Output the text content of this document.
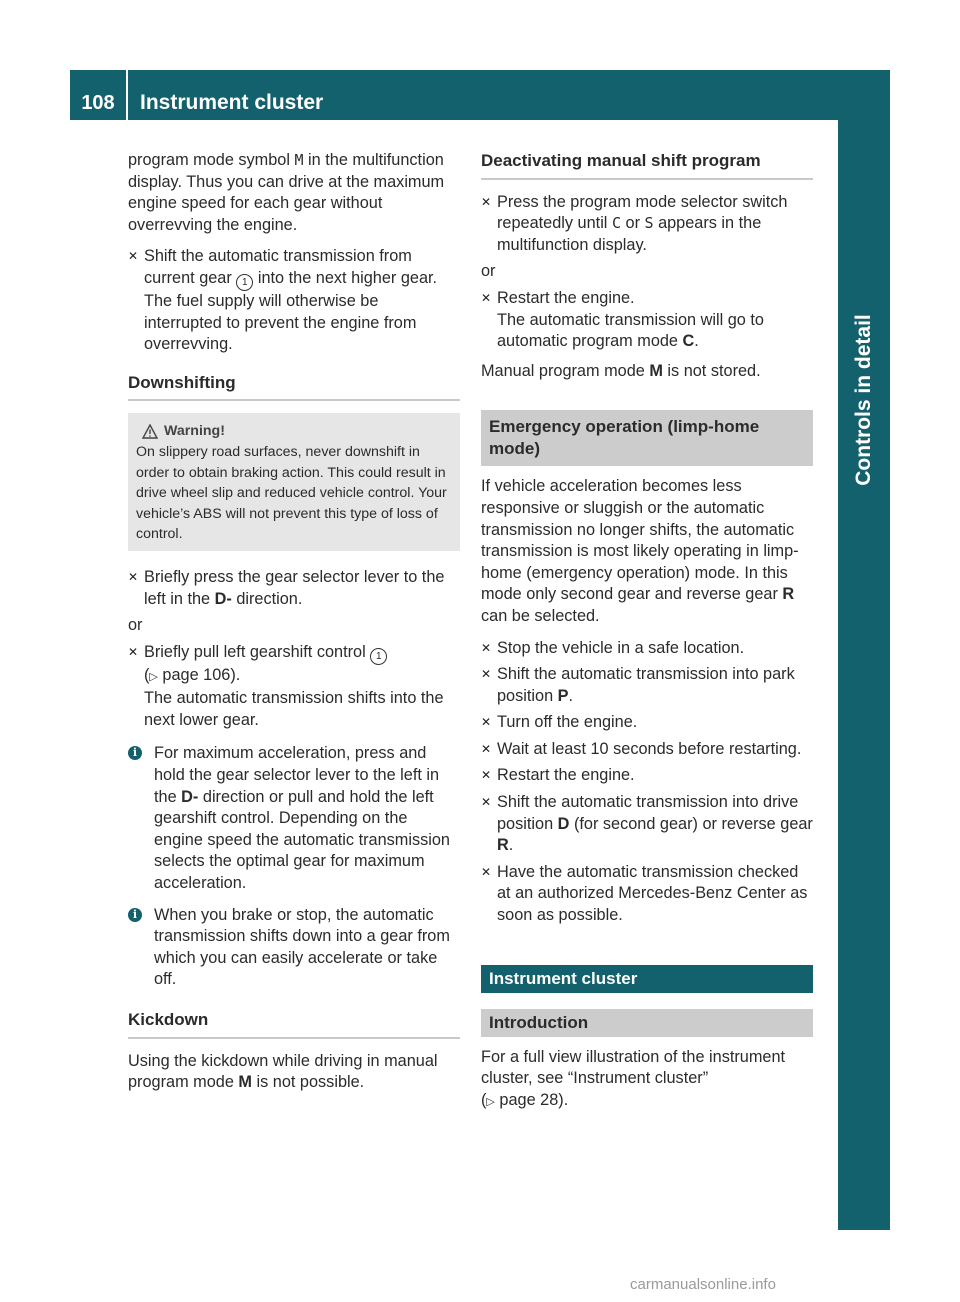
108	Instrument cluster
Controls in detail

program mode symbol M in the multifunction display. Thus you can drive at the maximum engine speed for each gear without overrevving the engine.

✕ Shift the automatic transmission from current gear 1 into the next higher gear.
The fuel supply will otherwise be interrupted to prevent the engine from overrevving.
Downshifting
Warning!
On slippery road surfaces, never downshift in order to obtain braking action. This could result in drive wheel slip and reduced vehicle control. Your vehicle’s ABS will not prevent this type of loss of control.
✕ Briefly press the gear selector lever to the left in the D- direction.
or
✕ Briefly pull left gearshift control 1
(▷ page 106).
The automatic transmission shifts into the next lower gear.
i	For maximum acceleration, press and hold the gear selector lever to the left in the D- direction or pull and hold the left gearshift control. Depending on the engine speed the automatic transmission selects the optimal gear for maximum acceleration.
i	When you brake or stop, the automatic transmission shifts down into a gear from which you can easily accelerate or take off.
Kickdown

Using the kickdown while driving in manual program mode M is not possible.

Deactivating manual shift program
✕ Press the program mode selector switch repeatedly until C or S appears in the multifunction display.
or
✕ Restart the engine.
The automatic transmission will go to automatic program mode C.

Manual program mode M is not stored.

Emergency operation (limp-home mode)

If vehicle acceleration becomes less responsive or sluggish or the automatic transmission no longer shifts, the automatic transmission is most likely operating in limp-home (emergency operation) mode. In this mode only second gear and reverse gear R can be selected.

✕ Stop the vehicle in a safe location.
✕ Shift the automatic transmission into park position P.
✕ Turn off the engine.
✕ Wait at least 10 seconds before restarting.
✕ Restart the engine.
✕ Shift the automatic transmission into drive position D (for second gear) or reverse gear R.
✕ Have the automatic transmission checked at an authorized Mercedes-Benz Center as soon as possible.
Instrument cluster
Introduction

For a full view illustration of the instrument cluster, see “Instrument cluster”
(▷ page 28).

carmanualsonline.info
